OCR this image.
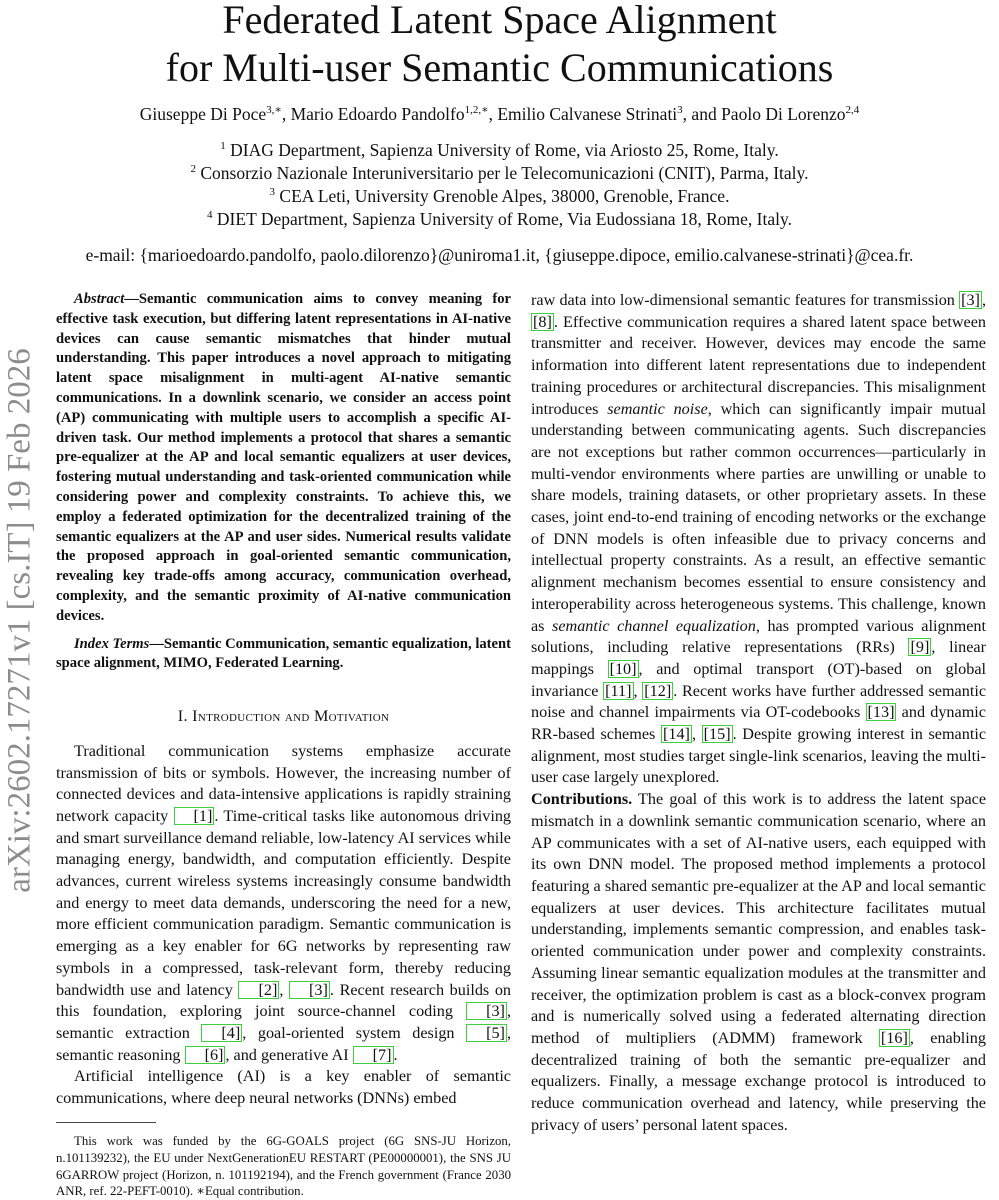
arXiv:2602.17271v1 [cs.IT] 19 Feb 2026
Federated Latent Space Alignment
for Multi-user Semantic Communications
Giuseppe Di Poce$^{3,∗}$, Mario Edoardo Pandolfo$^{1,2,∗}$, Emilio Calvanese Strinati$^3$, and Paolo Di Lorenzo$^{2,4}$
$^1$ DIAG Department, Sapienza University of Rome, via Ariosto 25, Rome, Italy.
$^2$ Consorzio Nazionale Interuniversitario per le Telecomunicazioni (CNIT), Parma, Italy.
$^3$ CEA Leti, University Grenoble Alpes, 38000, Grenoble, France.
$^4$ DIET Department, Sapienza University of Rome, Via Eudossiana 18, Rome, Italy.
e-mail: {marioedoardo.pandolfo, paolo.dilorenzo}@uniroma1.it, {giuseppe.dipoce, emilio.calvanese-strinati}@cea.fr.

Abstract—Semantic communication aims to convey meaning for effective task execution, but differing latent representations in AI-native devices can cause semantic mismatches that hinder mutual understanding. This paper introduces a novel approach to mitigating latent space misalignment in multi-agent AI-native semantic communications. In a downlink scenario, we consider an access point (AP) communicating with multiple users to accomplish a specific AI-driven task. Our method implements a protocol that shares a semantic pre-equalizer at the AP and local semantic equalizers at user devices, fostering mutual understanding and task-oriented communication while considering power and complexity constraints. To achieve this, we employ a federated optimization for the decentralized training of the semantic equalizers at the AP and user sides. Numerical results validate the proposed approach in goal-oriented semantic communication, revealing key trade-offs among accuracy, communication overhead, complexity, and the semantic proximity of AI-native communication devices.

Index Terms—Semantic Communication, semantic equalization, latent space alignment, MIMO, Federated Learning.

I. Introduction and Motivation

Traditional communication systems emphasize accurate transmission of bits or symbols. However, the increasing number of connected devices and data-intensive applications is rapidly straining network capacity [1] . Time-critical tasks like autonomous driving and smart surveillance demand reliable, low-latency AI services while managing energy, bandwidth, and computation efficiently. Despite advances, current wireless systems increasingly consume bandwidth and energy to meet data demands, underscoring the need for a new, more efficient communication paradigm. Semantic communication is emerging as a key enabler for 6G networks by representing raw symbols in a compressed, task-relevant form, thereby reducing bandwidth use and latency [2] , [3] . Recent research builds on this foundation, exploring joint source-channel coding [3] , semantic extraction [4] , goal-oriented system design [5] , semantic reasoning [6] , and generative AI [7] .

Artificial intelligence (AI) is a key enabler of semantic communications, where deep neural networks (DNNs) embed

This work was funded by the 6G-GOALS project (6G SNS-JU Horizon, n.101139232), the EU under NextGenerationEU RESTART (PE00000001), the SNS JU 6GARROW project (Horizon, n. 101192194), and the French government (France 2030 ANR, ref. 22-PEFT-0010). ∗Equal contribution.

raw data into low-dimensional semantic features for transmission [3] , [8] . Effective communication requires a shared latent space between transmitter and receiver. However, devices may encode the same information into different latent representations due to independent training procedures or architectural discrepancies. This misalignment introduces semantic noise, which can significantly impair mutual understanding between communicating agents. Such discrepancies are not exceptions but rather common occurrences—particularly in multi-vendor environments where parties are unwilling or unable to share models, training datasets, or other proprietary assets. In these cases, joint end-to-end training of encoding networks or the exchange of DNN models is often infeasible due to privacy concerns and intellectual property constraints. As a result, an effective semantic alignment mechanism becomes essential to ensure consistency and interoperability across heterogeneous systems. This challenge, known as semantic channel equalization, has prompted various alignment solutions, including relative representations (RRs) [9] , linear mappings [10] , and optimal transport (OT)-based on global invariance [11] , [12] . Recent works have further addressed semantic noise and channel impairments via OT-codebooks [13] and dynamic RR-based schemes [14] , [15] . Despite growing interest in semantic alignment, most studies target single-link scenarios, leaving the multi-user case largely unexplored.

Contributions. The goal of this work is to address the latent space mismatch in a downlink semantic communication scenario, where an AP communicates with a set of AI-native users, each equipped with its own DNN model. The proposed method implements a protocol featuring a shared semantic pre-equalizer at the AP and local semantic equalizers at user devices. This architecture facilitates mutual understanding, implements semantic compression, and enables task-oriented communication under power and complexity constraints. Assuming linear semantic equalization modules at the transmitter and receiver, the optimization problem is cast as a block-convex program and is numerically solved using a federated alternating direction method of multipliers (ADMM) framework [16] , enabling decentralized training of both the semantic pre-equalizer and equalizers. Finally, a message exchange protocol is introduced to reduce communication overhead and latency, while preserving the privacy of users’ personal latent spaces.
